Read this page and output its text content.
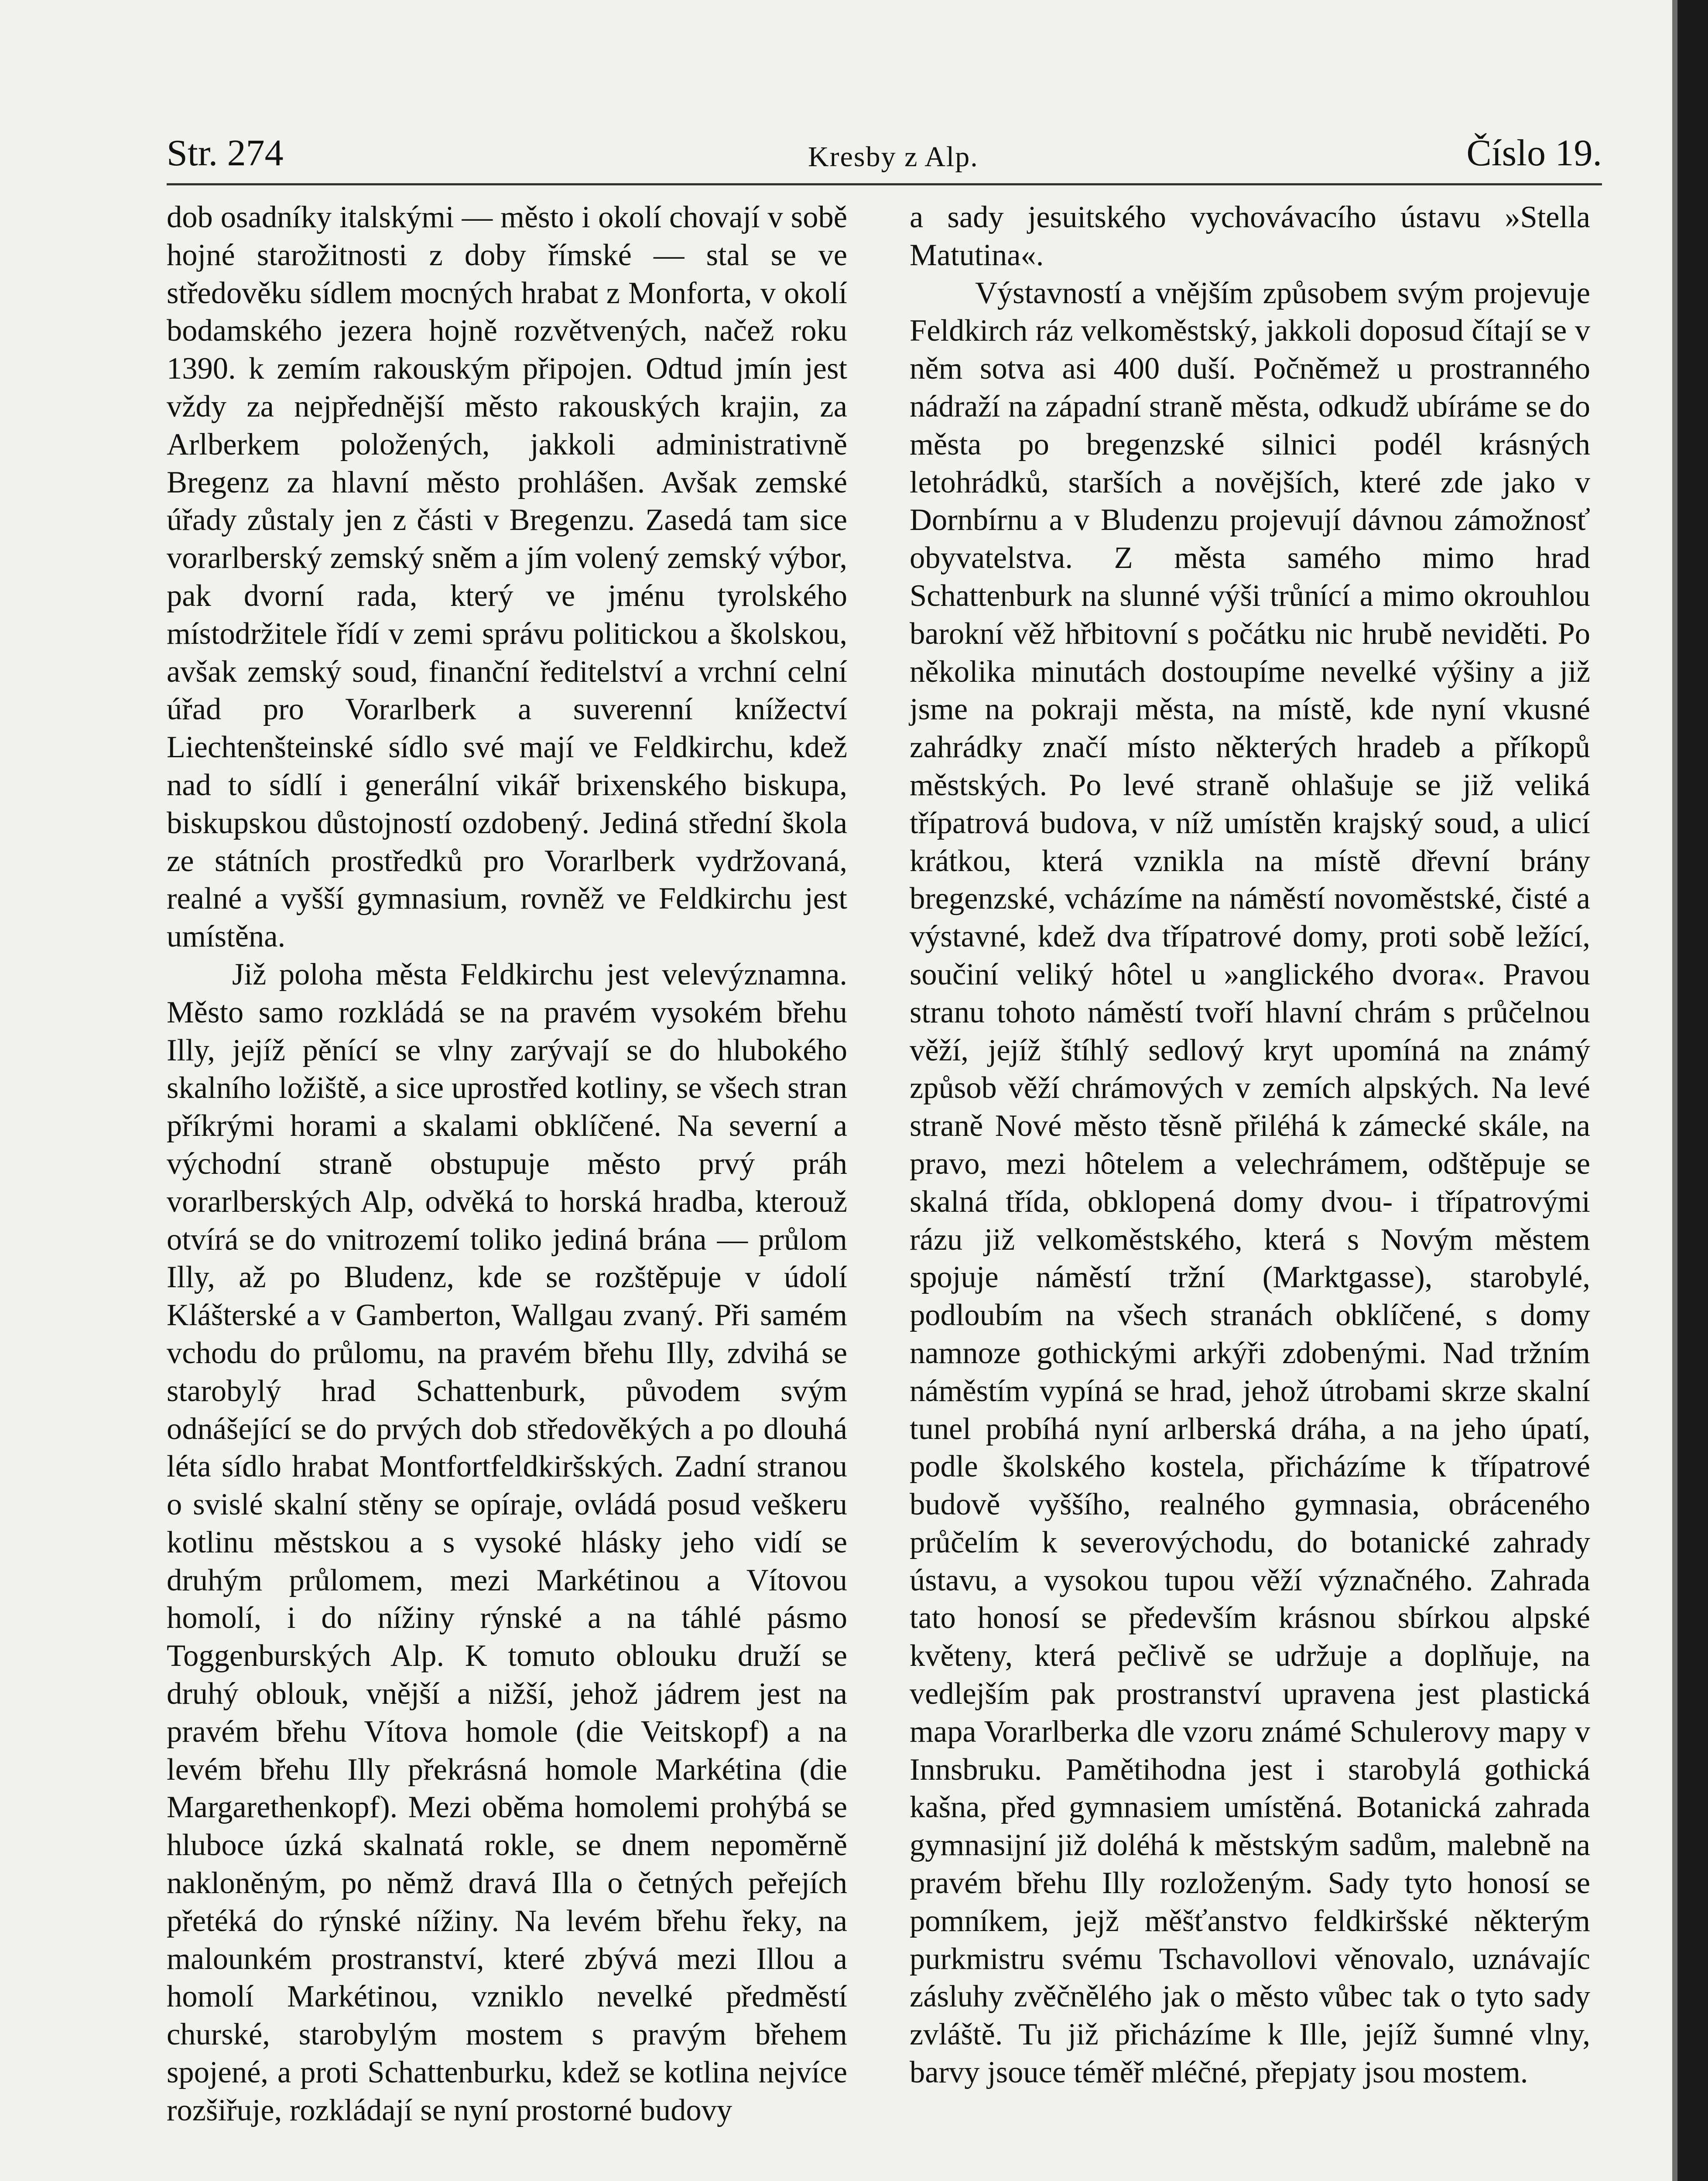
Str. 274	Kresby z Alp.	Číslo 19.

dob osadníky italskými — město i okolí chovají v sobě hojné starožitnosti z doby římské — stal se ve středověku sídlem mocných hrabat z Monforta, v okolí bodamského jezera hojně rozvětvených, načež roku 1390. k zemím rakouským připojen. Odtud jmín jest vždy za nejpřednější město rakouských krajin, za Arlberkem položených, jakkoli administrativně Bregenz za hlavní město prohlášen. Avšak zemské úřady zůstaly jen z části v Bregenzu. Zasedá tam sice vorarlberský zemský sněm a jím volený zemský výbor, pak dvorní rada, který ve jménu tyrolského místodržitele řídí v zemi správu politickou a školskou, avšak zemský soud, finanční ředitelství a vrchní celní úřad pro Vorarlberk a suverenní knížectví Liechtenšteinské sídlo své mají ve Feldkirchu, kdež nad to sídlí i generální vikář brixenského biskupa, biskupskou důstojností ozdobený. Jediná střední škola ze státních prostředků pro Vorarlberk vydržovaná, realné a vyšší gymnasium, rovněž ve Feldkirchu jest umístěna.

Již poloha města Feldkirchu jest velevýznamna. Město samo rozkládá se na pravém vysokém břehu Illy, jejíž pěnící se vlny zarývají se do hlubokého skalního ložiště, a sice uprostřed kotliny, se všech stran příkrými horami a skalami obklíčené. Na severní a východní straně obstupuje město prvý práh vorarlberských Alp, odvěká to horská hradba, kterouž otvírá se do vnitrozemí toliko jediná brána — průlom Illy, až po Bludenz, kde se rozštěpuje v údolí Klášterské a v Gamberton, Wallgau zvaný. Při samém vchodu do průlomu, na pravém břehu Illy, zdvihá se starobylý hrad Schattenburk, původem svým odnášející se do prvých dob středověkých a po dlouhá léta sídlo hrabat Montfortfeldkiršských. Zadní stranou o svislé skalní stěny se opíraje, ovládá posud veškeru kotlinu městskou a s vysoké hlásky jeho vidí se druhým průlomem, mezi Markétinou a Vítovou homolí, i do nížiny rýnské a na táhlé pásmo Toggenburských Alp. K tomuto oblouku druží se druhý oblouk, vnější a nižší, jehož jádrem jest na pravém břehu Vítova homole (die Veitskopf) a na levém břehu Illy překrásná homole Markétina (die Margarethenkopf). Mezi oběma homolemi prohýbá se hluboce úzká skalnatá rokle, se dnem nepoměrně nakloněným, po němž dravá Illa o četných peřejích přetéká do rýnské nížiny. Na levém břehu řeky, na malounkém prostranství, které zbývá mezi Illou a homolí Markétinou, vzniklo nevelké předměstí churské, starobylým mostem s pravým břehem spojené, a proti Schattenburku, kdež se kotlina nejvíce rozšiřuje, rozkládají se nyní prostorné budovy

a sady jesuitského vychovávacího ústavu »Stella Matutina«.

Výstavností a vnějším způsobem svým projevuje Feldkirch ráz velkoměstský, jakkoli doposud čítají se v něm sotva asi 400 duší. Počněmež u prostranného nádraží na západní straně města, odkudž ubíráme se do města po bregenzské silnici podél krásných letohrádků, starších a novějších, které zde jako v Dornbírnu a v Bludenzu projevují dávnou zámožnosť obyvatelstva. Z města samého mimo hrad Schattenburk na slunné výši trůnící a mimo okrouhlou barokní věž hřbitovní s počátku nic hrubě neviděti. Po několika minutách dostoupíme nevelké výšiny a již jsme na pokraji města, na místě, kde nyní vkusné zahrádky značí místo některých hradeb a příkopů městských. Po levé straně ohlašuje se již veliká třípatrová budova, v níž umístěn krajský soud, a ulicí krátkou, která vznikla na místě dřevní brány bregenzské, vcházíme na náměstí novoměstské, čisté a výstavné, kdež dva třípatrové domy, proti sobě ležící, součiní veliký hôtel u »anglického dvora«. Pravou stranu tohoto náměstí tvoří hlavní chrám s průčelnou věží, jejíž štíhlý sedlový kryt upomíná na známý způsob věží chrámových v zemích alpských. Na levé straně Nové město těsně přiléhá k zámecké skále, na pravo, mezi hôtelem a velechrámem, odštěpuje se skalná třída, obklopená domy dvou- i třípatrovými rázu již velkoměstského, která s Novým městem spojuje náměstí tržní (Marktgasse), starobylé, podloubím na všech stranách obklíčené, s domy namnoze gothickými arkýři zdobenými. Nad tržním náměstím vypíná se hrad, jehož útrobami skrze skalní tunel probíhá nyní arlberská dráha, a na jeho úpatí, podle školského kostela, přicházíme k třípatrové budově vyššího, realného gymnasia, obráceného průčelím k severovýchodu, do botanické zahrady ústavu, a vysokou tupou věží význačného. Zahrada tato honosí se především krásnou sbírkou alpské květeny, která pečlivě se udržuje a doplňuje, na vedlejším pak prostranství upravena jest plastická mapa Vorarlberka dle vzoru známé Schulerovy mapy v Innsbruku. Pamětihodna jest i starobylá gothická kašna, před gymnasiem umístěná. Botanická zahrada gymnasijní již doléhá k městským sadům, malebně na pravém břehu Illy rozloženým. Sady tyto honosí se pomníkem, jejž měšťanstvo feldkiršské některým purkmistru svému Tschavollovi věnovalo, uznávajíc zásluhy zvěčnělého jak o město vůbec tak o tyto sady zvláště. Tu již přicházíme k Ille, jejíž šumné vlny, barvy jsouce téměř mléčné, přepjaty jsou mostem.
